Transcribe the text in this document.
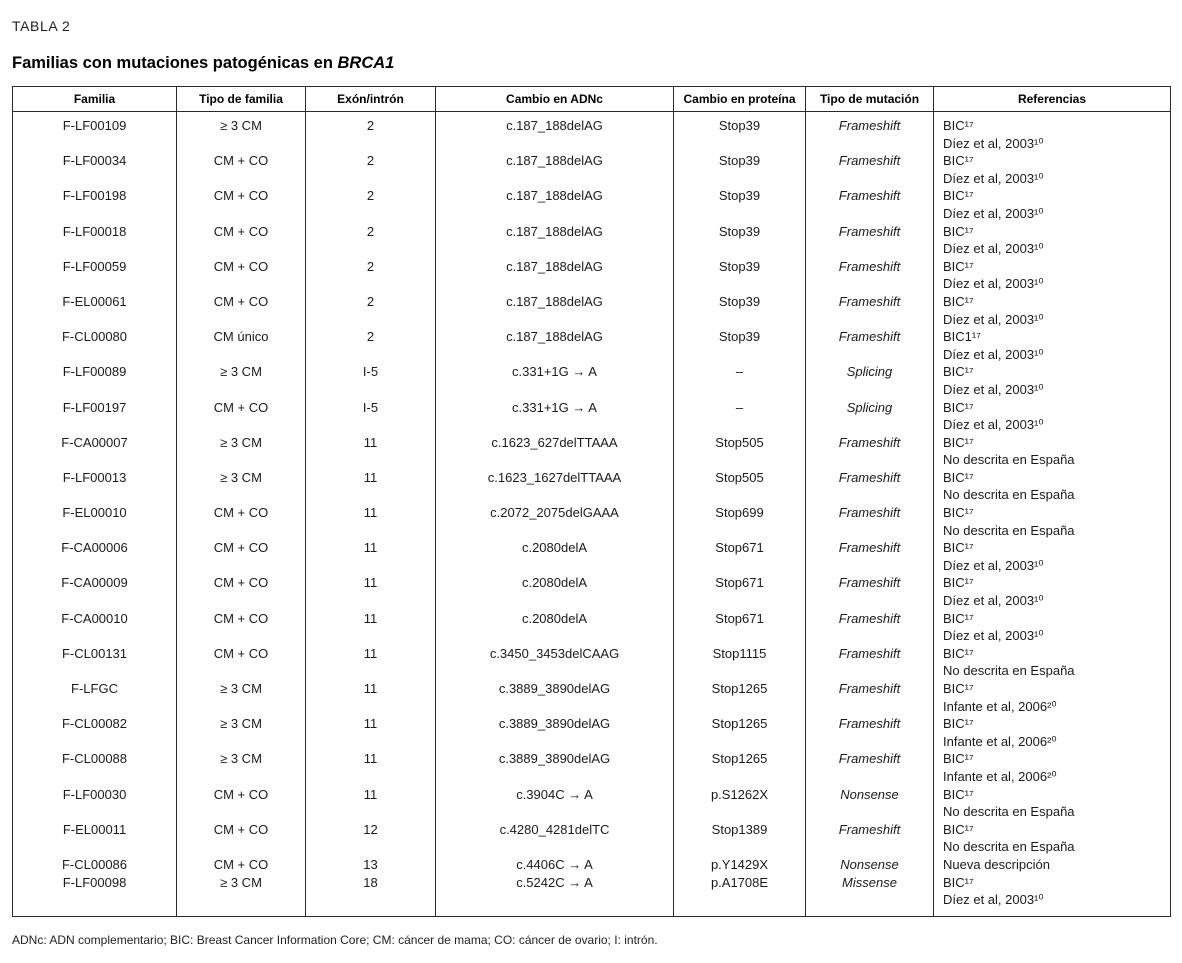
TABLA 2
Familias con mutaciones patogénicas en BRCA1
Familia	Tipo de familia	Exón/intrón	Cambio en ADNc	Cambio en proteína	Tipo de mutación	Referencias
F-LF00109	≥ 3 CM	2	c.187_188delAG	Stop39	Frameshift	BIC¹⁷
Díez et al, 2003¹⁰

F-LF00034	CM + CO	2	c.187_188delAG	Stop39	Frameshift	BIC¹⁷
Díez et al, 2003¹⁰

F-LF00198	CM + CO	2	c.187_188delAG	Stop39	Frameshift	BIC¹⁷
Díez et al, 2003¹⁰

F-LF00018	CM + CO	2	c.187_188delAG	Stop39	Frameshift	BIC¹⁷
Díez et al, 2003¹⁰

F-LF00059	CM + CO	2	c.187_188delAG	Stop39	Frameshift	BIC¹⁷
Díez et al, 2003¹⁰

F-EL00061	CM + CO	2	c.187_188delAG	Stop39	Frameshift	BIC¹⁷
Díez et al, 2003¹⁰

F-CL00080	CM único	2	c.187_188delAG	Stop39	Frameshift	BIC1¹⁷
Díez et al, 2003¹⁰

F-LF00089	≥ 3 CM	I-5	c.331+1G → A	–	Splicing	BIC¹⁷
Díez et al, 2003¹⁰

F-LF00197	CM + CO	I-5	c.331+1G → A	–	Splicing	BIC¹⁷
Díez et al, 2003¹⁰

F-CA00007	≥ 3 CM	11	c.1623_627delTTAAA	Stop505	Frameshift	BIC¹⁷
No descrita en España

F-LF00013	≥ 3 CM	11	c.1623_1627delTTAAA	Stop505	Frameshift	BIC¹⁷
No descrita en España

F-EL00010	CM + CO	11	c.2072_2075delGAAA	Stop699	Frameshift	BIC¹⁷
No descrita en España

F-CA00006	CM + CO	11	c.2080delA	Stop671	Frameshift	BIC¹⁷
Díez et al, 2003¹⁰

F-CA00009	CM + CO	11	c.2080delA	Stop671	Frameshift	BIC¹⁷
Díez et al, 2003¹⁰

F-CA00010	CM + CO	11	c.2080delA	Stop671	Frameshift	BIC¹⁷
Díez et al, 2003¹⁰

F-CL00131	CM + CO	11	c.3450_3453delCAAG	Stop1115	Frameshift	BIC¹⁷
No descrita en España

F-LFGC	≥ 3 CM	11	c.3889_3890delAG	Stop1265	Frameshift	BIC¹⁷
Infante et al, 2006²⁰

F-CL00082	≥ 3 CM	11	c.3889_3890delAG	Stop1265	Frameshift	BIC¹⁷
Infante et al, 2006²⁰

F-CL00088	≥ 3 CM	11	c.3889_3890delAG	Stop1265	Frameshift	BIC¹⁷
Infante et al, 2006²⁰

F-LF00030	CM + CO	11	c.3904C → A	p.S1262X	Nonsense	BIC¹⁷
No descrita en España

F-EL00011	CM + CO	12	c.4280_4281delTC	Stop1389	Frameshift	BIC¹⁷
No descrita en España

F-CL00086	CM + CO	13	c.4406C → A	p.Y1429X	Nonsense	Nueva descripción

F-LF00098	≥ 3 CM	18	c.5242C → A	p.A1708E	Missense	BIC¹⁷
Díez et al, 2003¹⁰
ADNc: ADN complementario; BIC: Breast Cancer Information Core; CM: cáncer de mama; CO: cáncer de ovario; I: intrón.
